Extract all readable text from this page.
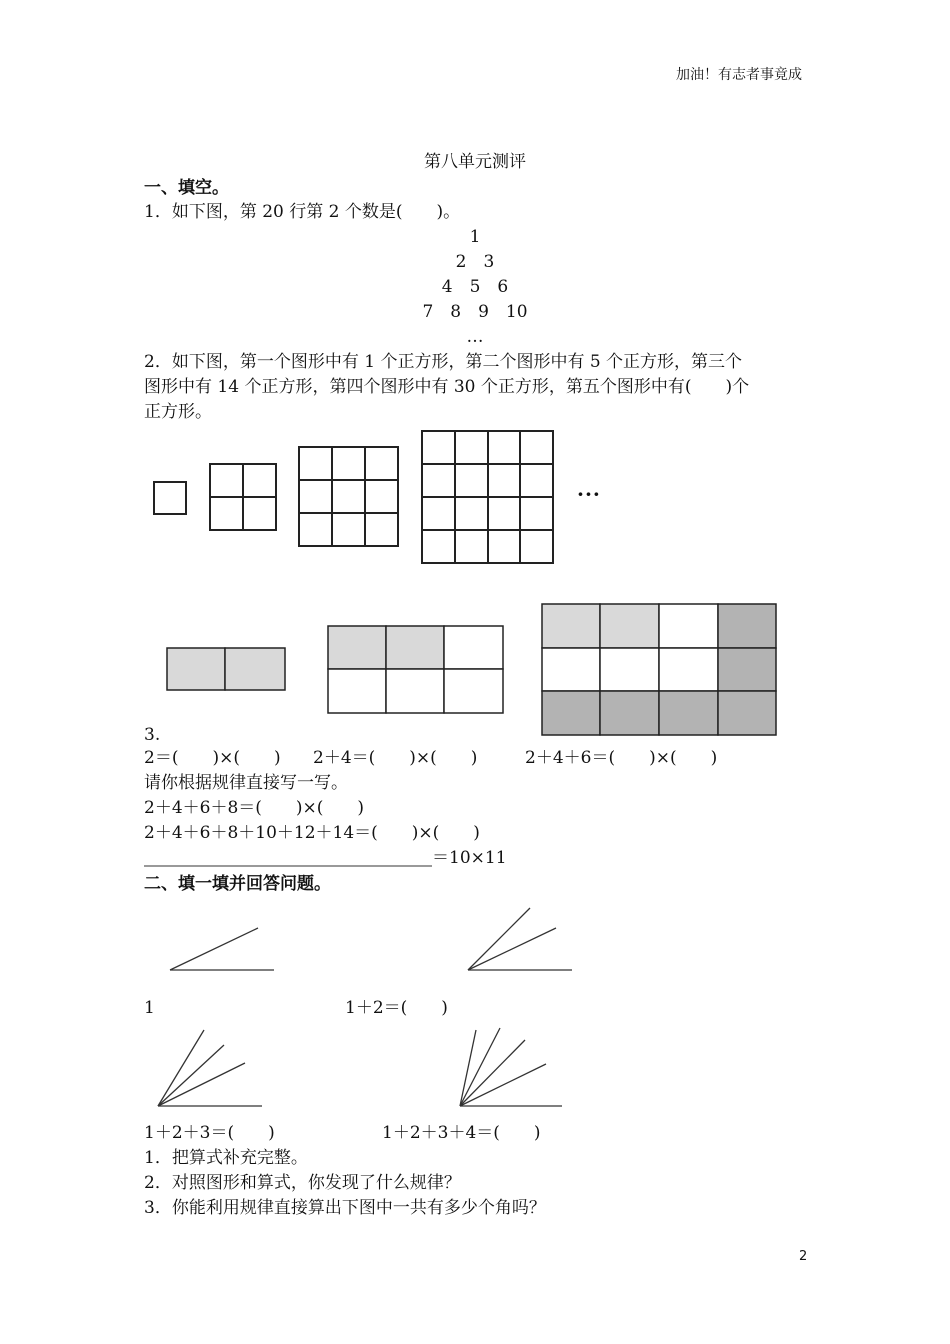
加油！有志者事竟成
第八单元测评
一、填空。
1．如下图，第 20 行第 2 个数是(　　)。
1
2　3
4　5　6
7　8　9　10
…
2．如下图，第一个图形中有 1 个正方形，第二个图形中有 5 个正方形，第三个
图形中有 14 个正方形，第四个图形中有 30 个正方形，第五个图形中有(　　)个
正方形。
···
3.
2＝(　　)×(　　) 2＋4＝(　　)×(　　)	2＋4＋6＝(　　)×(　　)
请你根据规律直接写一写。
2＋4＋6＋8＝(　　)×(　　)
2＋4＋6＋8＋10＋12＋14＝(　　)×(　　)
＝10×11
二、填一填并回答问题。
1	1＋2＝(　　)
1＋2＋3＝(　　)	1＋2＋3＋4＝(　　)
1．把算式补充完整。
2．对照图形和算式，你发现了什么规律？
3．你能利用规律直接算出下图中一共有多少个角吗？
2
